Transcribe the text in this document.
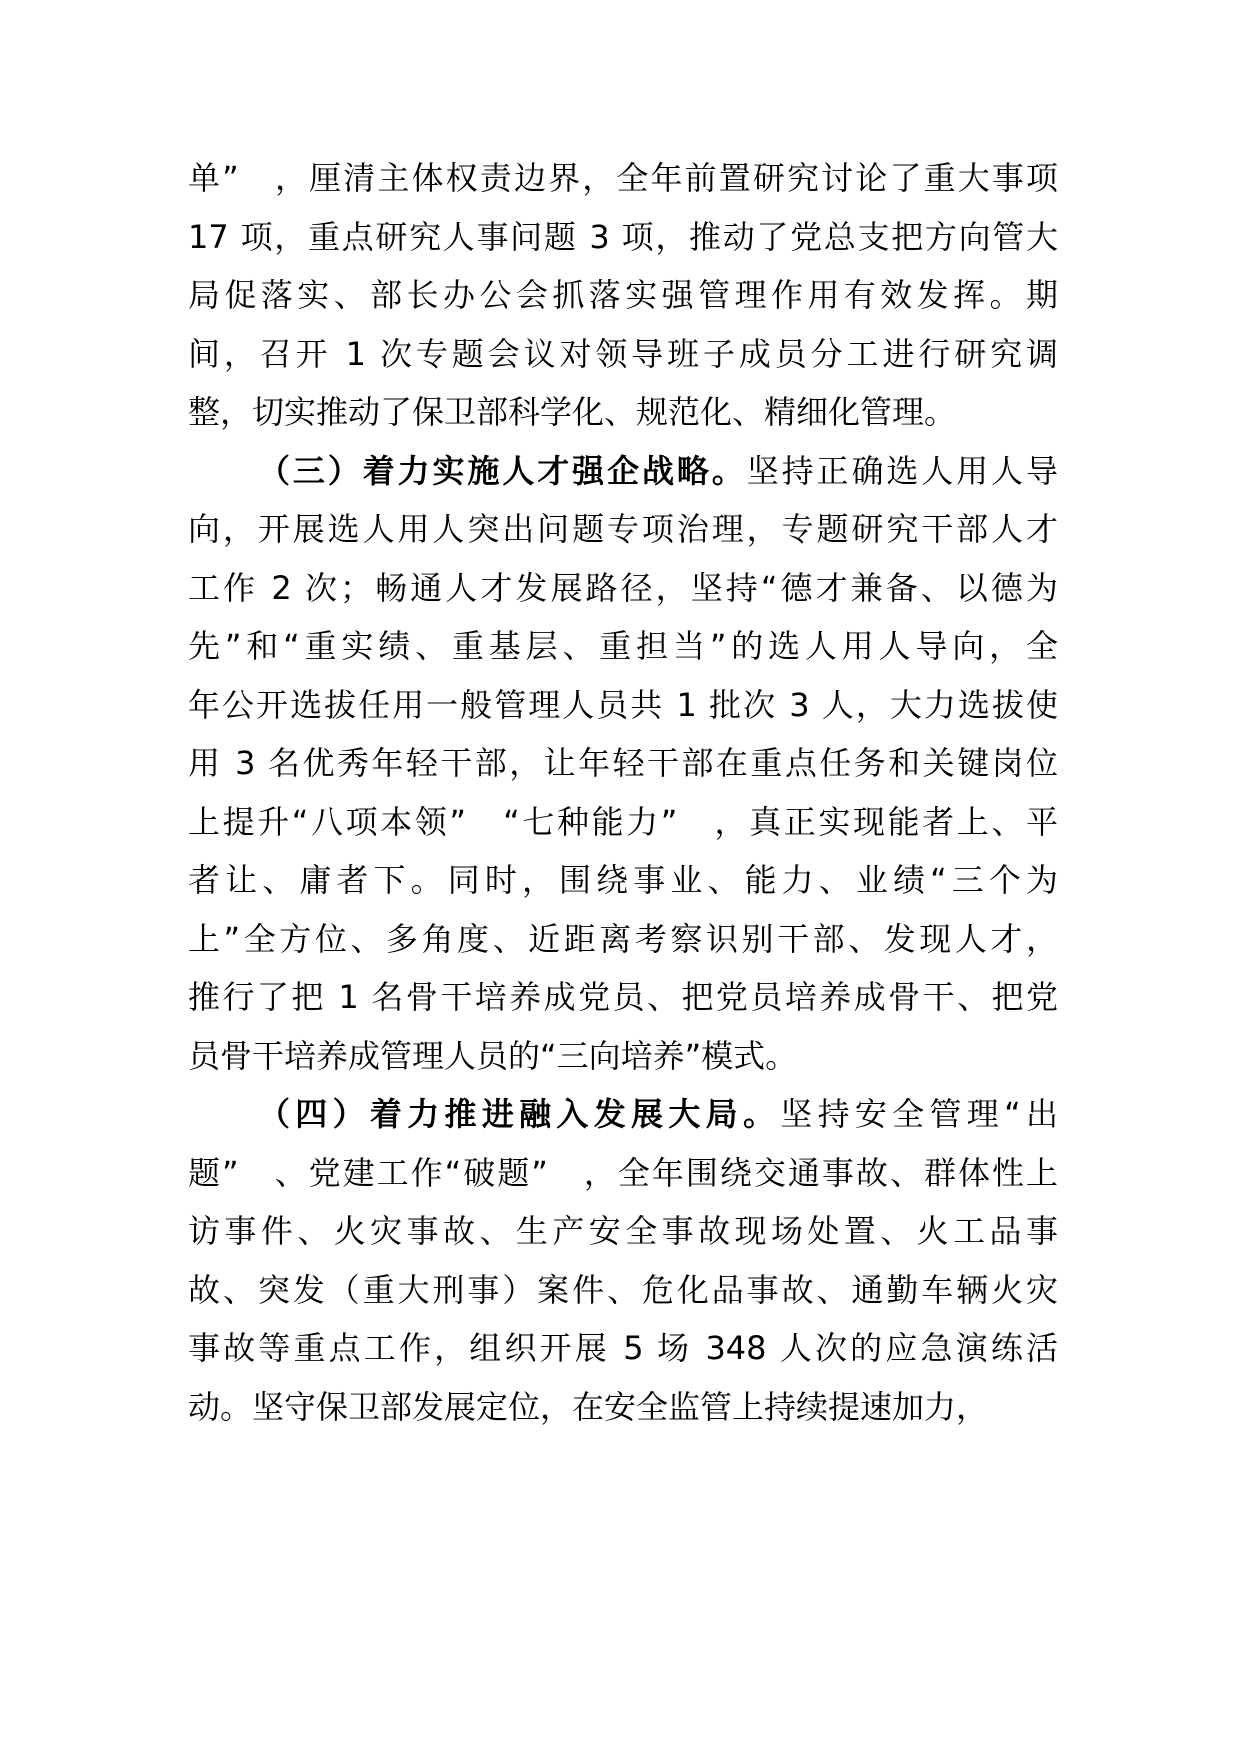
单”　，厘清主体权责边界，全年前置研究讨论了重大事项
17 项，重点研究人事问题 3 项，推动了党总支把方向管大
局促落实、部长办公会抓落实强管理作用有效发挥。期
间，召开 1 次专题会议对领导班子成员分工进行研究调
整，切实推动了保卫部科学化、规范化、精细化管理。
（三）着力实施人才强企战略。坚持正确选人用人导
向，开展选人用人突出问题专项治理，专题研究干部人才
工作 2 次；畅通人才发展路径，坚持“德才兼备、以德为
先”和“重实绩、重基层、重担当”的选人用人导向，全
年公开选拔任用一般管理人员共 1 批次 3 人，大力选拔使
用 3 名优秀年轻干部，让年轻干部在重点任务和关键岗位
上提升“八项本领”　“七种能力”　，真正实现能者上、平
者让、庸者下。同时，围绕事业、能力、业绩“三个为
上”全方位、多角度、近距离考察识别干部、发现人才，
推行了把 1 名骨干培养成党员、把党员培养成骨干、把党
员骨干培养成管理人员的“三向培养”模式。
（四）着力推进融入发展大局。坚持安全管理“出
题”　、党建工作“破题”　，全年围绕交通事故、群体性上
访事件、火灾事故、生产安全事故现场处置、火工品事
故、突发（重大刑事）案件、危化品事故、通勤车辆火灾
事故等重点工作，组织开展 5 场 348 人次的应急演练活
动。坚守保卫部发展定位，在安全监管上持续提速加力，
